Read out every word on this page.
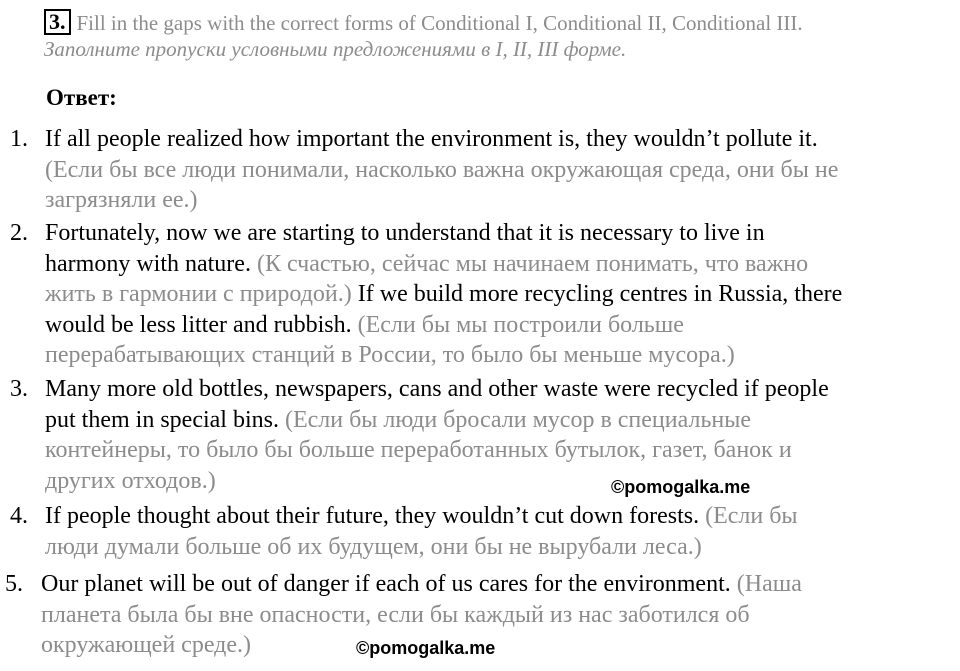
3. Fill in the gaps with the correct forms of Conditional I, Conditional II, Conditional III.
Заполните пропуски условными предложениями в I, II, III форме.
Ответ:
1. If all people realized how important the environment is, they wouldn’t pollute it.
(Если бы все люди понимали, насколько важна окружающая среда, они бы не
загрязняли ее.)
2. Fortunately, now we are starting to understand that it is necessary to live in
harmony with nature. (К счастью, сейчас мы начинаем понимать, что важно
жить в гармонии с природой.) If we build more recycling centres in Russia, there
would be less litter and rubbish. (Если бы мы построили больше
перерабатывающих станций в России, то было бы меньше мусора.)
3. Many more old bottles, newspapers, cans and other waste were recycled if people
put them in special bins. (Если бы люди бросали мусор в специальные
контейнеры, то было бы больше переработанных бутылок, газет, банок и
других отходов.)
4. If people thought about their future, they wouldn’t cut down forests. (Если бы
люди думали больше об их будущем, они бы не вырубали леса.)
5. Our planet will be out of danger if each of us cares for the environment. (Наша
планета была бы вне опасности, если бы каждый из нас заботился об
окружающей среде.)
©pomogalka.me
©pomogalka.me
